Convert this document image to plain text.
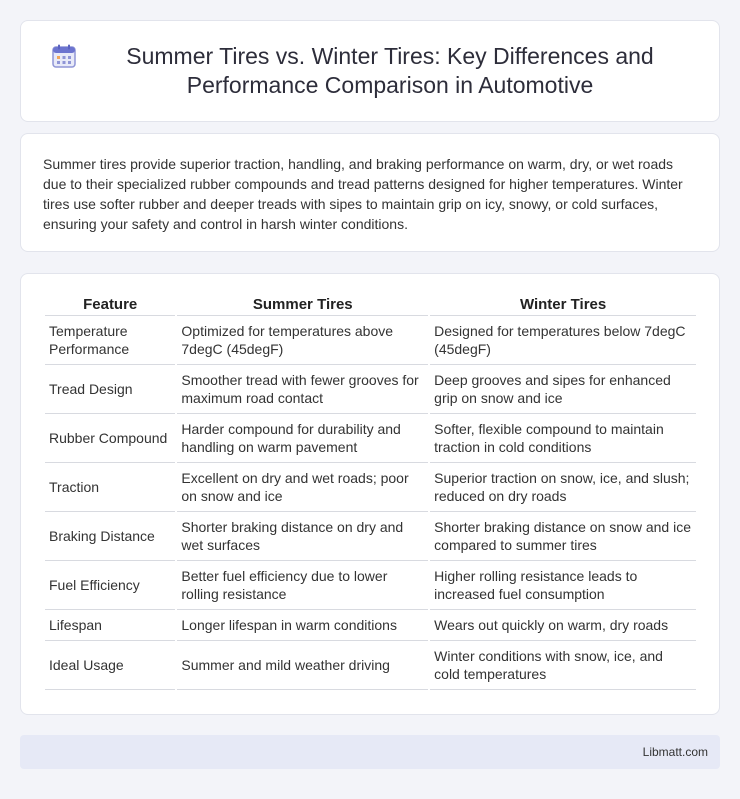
Summer Tires vs. Winter Tires: Key Differences and Performance Comparison in Automotive

Summer tires provide superior traction, handling, and braking performance on warm, dry, or wet roads due to their specialized rubber compounds and tread patterns designed for higher temperatures. Winter tires use softer rubber and deeper treads with sipes to maintain grip on icy, snowy, or cold surfaces, ensuring your safety and control in harsh winter conditions.

Feature	Summer Tires	Winter Tires
Temperature Performance	Optimized for temperatures above 7degC (45degF)	Designed for temperatures below 7degC (45degF)
Tread Design	Smoother tread with fewer grooves for maximum road contact	Deep grooves and sipes for enhanced grip on snow and ice
Rubber Compound	Harder compound for durability and handling on warm pavement	Softer, flexible compound to maintain traction in cold conditions
Traction	Excellent on dry and wet roads; poor on snow and ice	Superior traction on snow, ice, and slush; reduced on dry roads
Braking Distance	Shorter braking distance on dry and wet surfaces	Shorter braking distance on snow and ice compared to summer tires
Fuel Efficiency	Better fuel efficiency due to lower rolling resistance	Higher rolling resistance leads to increased fuel consumption
Lifespan	Longer lifespan in warm conditions	Wears out quickly on warm, dry roads
Ideal Usage	Summer and mild weather driving	Winter conditions with snow, ice, and cold temperatures
Libmatt.com
